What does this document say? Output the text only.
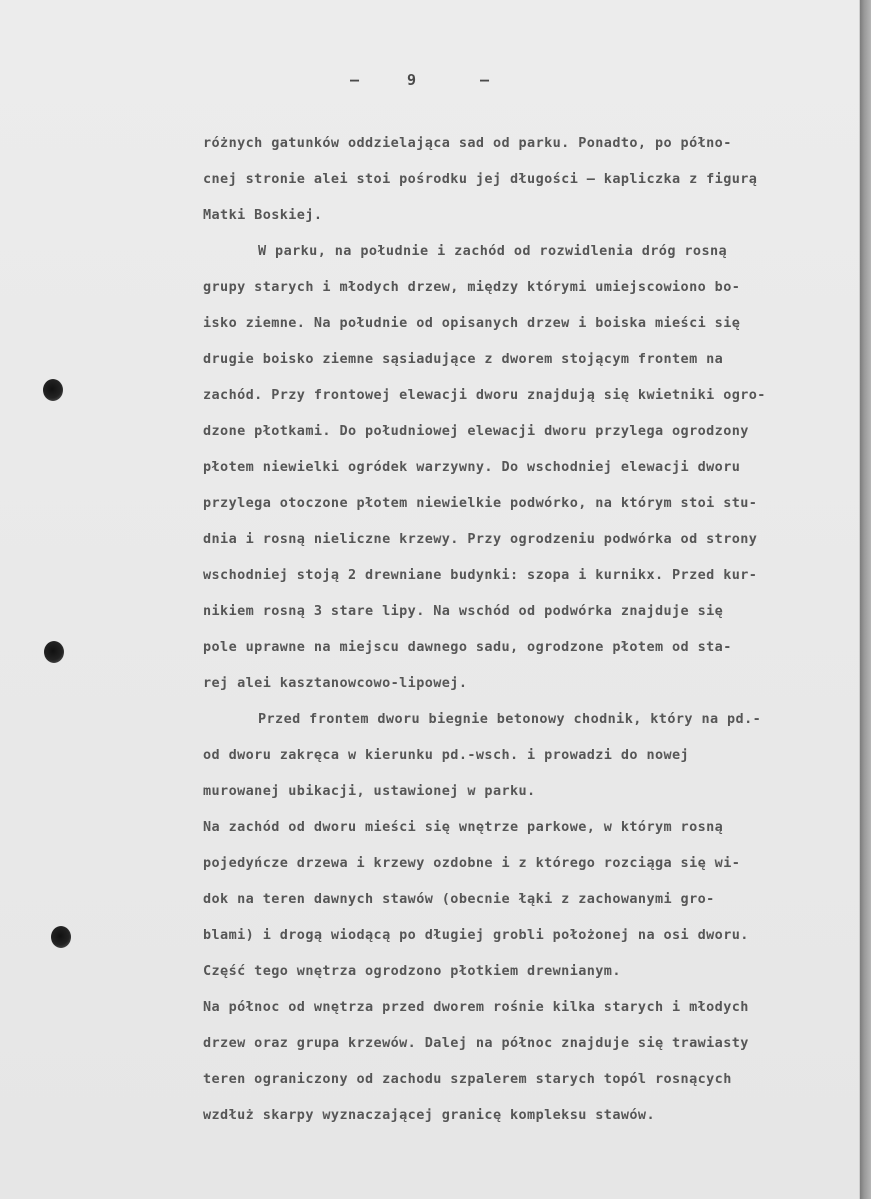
–	9	–
różnych gatunków oddzielająca sad od parku. Ponadto, po półno-
cnej stronie alei stoi pośrodku jej długości – kapliczka z figurą
Matki Boskiej.
W parku, na południe i zachód od rozwidlenia dróg rosną
grupy starych i młodych drzew, między którymi umiejscowiono bo-
isko ziemne. Na południe od opisanych drzew i boiska mieści się
drugie boisko ziemne sąsiadujące z dworem stojącym frontem na
zachód. Przy frontowej elewacji dworu znajdują się kwietniki ogro-
dzone płotkami. Do południowej elewacji dworu przylega ogrodzony
płotem niewielki ogródek warzywny. Do wschodniej elewacji dworu
przylega otoczone płotem niewielkie podwórko, na którym stoi stu-
dnia i rosną nieliczne krzewy. Przy ogrodzeniu podwórka od strony
wschodniej stoją 2 drewniane budynki: szopa i kurnikx. Przed kur-
nikiem rosną 3 stare lipy. Na wschód od podwórka znajduje się
pole uprawne na miejscu dawnego sadu, ogrodzone płotem od sta-
rej alei kasztanowcowo-lipowej.
Przed frontem dworu biegnie betonowy chodnik, który na pd.-
od dworu zakręca w kierunku pd.-wsch. i prowadzi do nowej
murowanej ubikacji, ustawionej w parku.
Na zachód od dworu mieści się wnętrze parkowe, w którym rosną
pojedyńcze drzewa i krzewy ozdobne i z którego rozciąga się wi-
dok na teren dawnych stawów (obecnie łąki z zachowanymi gro-
blami) i drogą wiodącą po długiej grobli położonej na osi dworu.
Część tego wnętrza ogrodzono płotkiem drewnianym.
Na północ od wnętrza przed dworem rośnie kilka starych i młodych
drzew oraz grupa krzewów. Dalej na północ znajduje się trawiasty
teren ograniczony od zachodu szpalerem starych topól rosnących
wzdłuż skarpy wyznaczającej granicę kompleksu stawów.
